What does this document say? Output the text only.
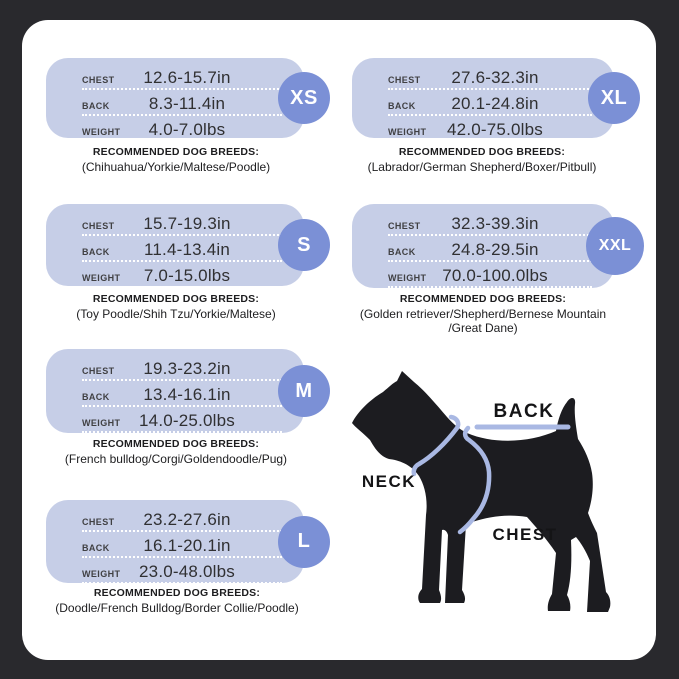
CHEST	12.6-15.7in
BACK	8.3-11.4in
WEIGHT	4.0-7.0lbs
XS
RECOMMENDED DOG BREEDS:
(Chihuahua/Yorkie/Maltese/Poodle)
CHEST	27.6-32.3in
BACK	20.1-24.8in
WEIGHT	42.0-75.0lbs
XL
RECOMMENDED DOG BREEDS:
(Labrador/German Shepherd/Boxer/Pitbull)
CHEST	15.7-19.3in
BACK	11.4-13.4in
WEIGHT	7.0-15.0lbs
S
RECOMMENDED DOG BREEDS:
(Toy Poodle/Shih Tzu/Yorkie/Maltese)
CHEST	32.3-39.3in
BACK	24.8-29.5in
WEIGHT 70.0-100.0lbs
XXL
RECOMMENDED DOG BREEDS:
(Golden retriever/Shepherd/Bernese Mountain
/Great Dane)
CHEST	19.3-23.2in
BACK	13.4-16.1in
WEIGHT	14.0-25.0lbs
M
RECOMMENDED DOG BREEDS:
(French bulldog/Corgi/Goldendoodle/Pug)
CHEST	23.2-27.6in
BACK	16.1-20.1in
WEIGHT	23.0-48.0lbs
L
RECOMMENDED DOG BREEDS:
(Doodle/French Bulldog/Border Collie/Poodle)
BACK
NECK
CHEST
